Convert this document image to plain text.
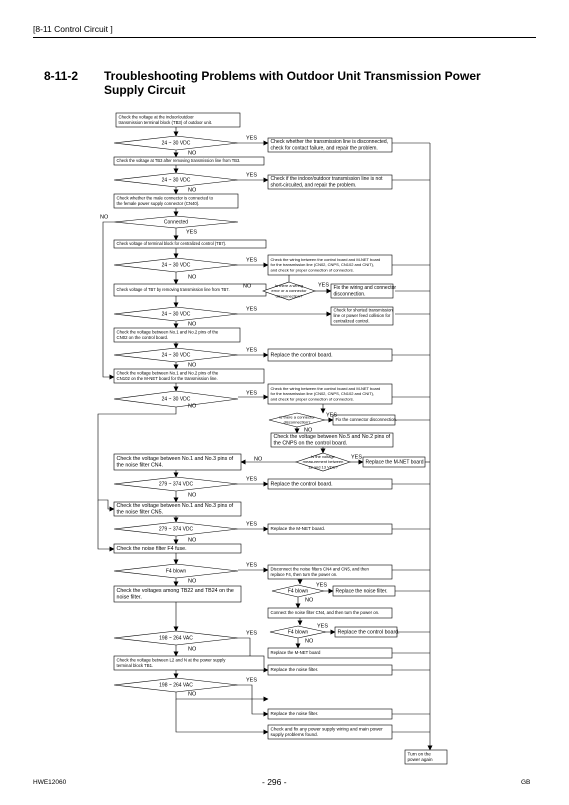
[8-11 Control Circuit ]
8-11-2 Troubleshooting Problems with Outdoor Unit Transmission Power Supply Circuit
Check the voltage at the indoor/outdoor
transmission terminal block (TB3) of outdoor unit.
24 ~ 30 VDC
NO
Check the voltage at TB3 after removing transmission line from TB3.
24 ~ 30 VDC
NO
Check whether the male connector is connected to
the female power supply connector (CN40).
Connected
YES
Check voltage of terminal block for centralized control (TB7).
24 ~ 30 VDC
NO
Check voltage of TB7 by removing transmission line from TB7.
24 ~ 30 VDC
NO
Check the voltage between No.1 and No.2 pins of the
CN02 on the control board.
24 ~ 30 VDC
NO
Check the voltage between No.1 and No.2 pins of the
CN102 on the M-NET board for the transmission line.
24 ~ 30 VDC
NO
Check the voltage between No.5 and No.2 pins of
the CNPS on the control board.
Is the voltage
measurement between
12 and 13 VDC?
NO
Check the voltage between No.1 and No.3 pins of
the noise filter CN4.
279 ~ 374 VDC
NO
Check the voltage between No.1 and No.3 pins of
the noise filter CN5.
279 ~ 374 VDC
NO
Check the noise filter F4 fuse.
F4 blown
NO
Check the voltages among TB22 and TB24 on the
noise filter.
198 ~ 264 VAC
NO
Check the voltage between L2 and N at the power supply
terminal block TB1.
198 ~ 264 VAC
NO
Check whether the transmission line is disconnected,
check for contact failure, and repair the problem.
YES
Check if the indoor/outdoor transmission line is not
short-circuited, and repair the problem.
YES
Check the wiring between the control board and M-NET board
for the transmission line (CN02, CNPS, CN102 and CNIT),
and check for proper connection of connectors.
YES
Is there a wiring
error or a connector
disconnection?
Fix the wiring and connector
disconnection.
YES
NO
Check for shorted transmission
line or power feed collision for
centralized control.
YES
Replace the control board.
YES
Check the wiring between the control board and M-NET board
for the transmission line (CN02, CNPS, CN102 and CNIT),
and check for proper connection of connectors.
YES
Is there a connector
disconnection?
NO
Fix the connector disconnection.
YES
Replace the M-NET board
YES
Replace the control board.
YES
Replace the M-NET board.
YES
Disconnect the noise filters CN4 and CN5, and then
replace F4, then turn the power on.
YES
F4 blown	Replace the noise filter.
YES
NO
Connect the noise filter CN4, and then turn the power on.
F4 blown	Replace the control board.
YES
NO
Replace the M-NET board
Replace the noise filter.
YES
Replace the noise filter.
YES
Check and fix any power supply wiring and main power
supply problems found.
Turn on the
power again
NO
HWE12060	- 296 -	GB
